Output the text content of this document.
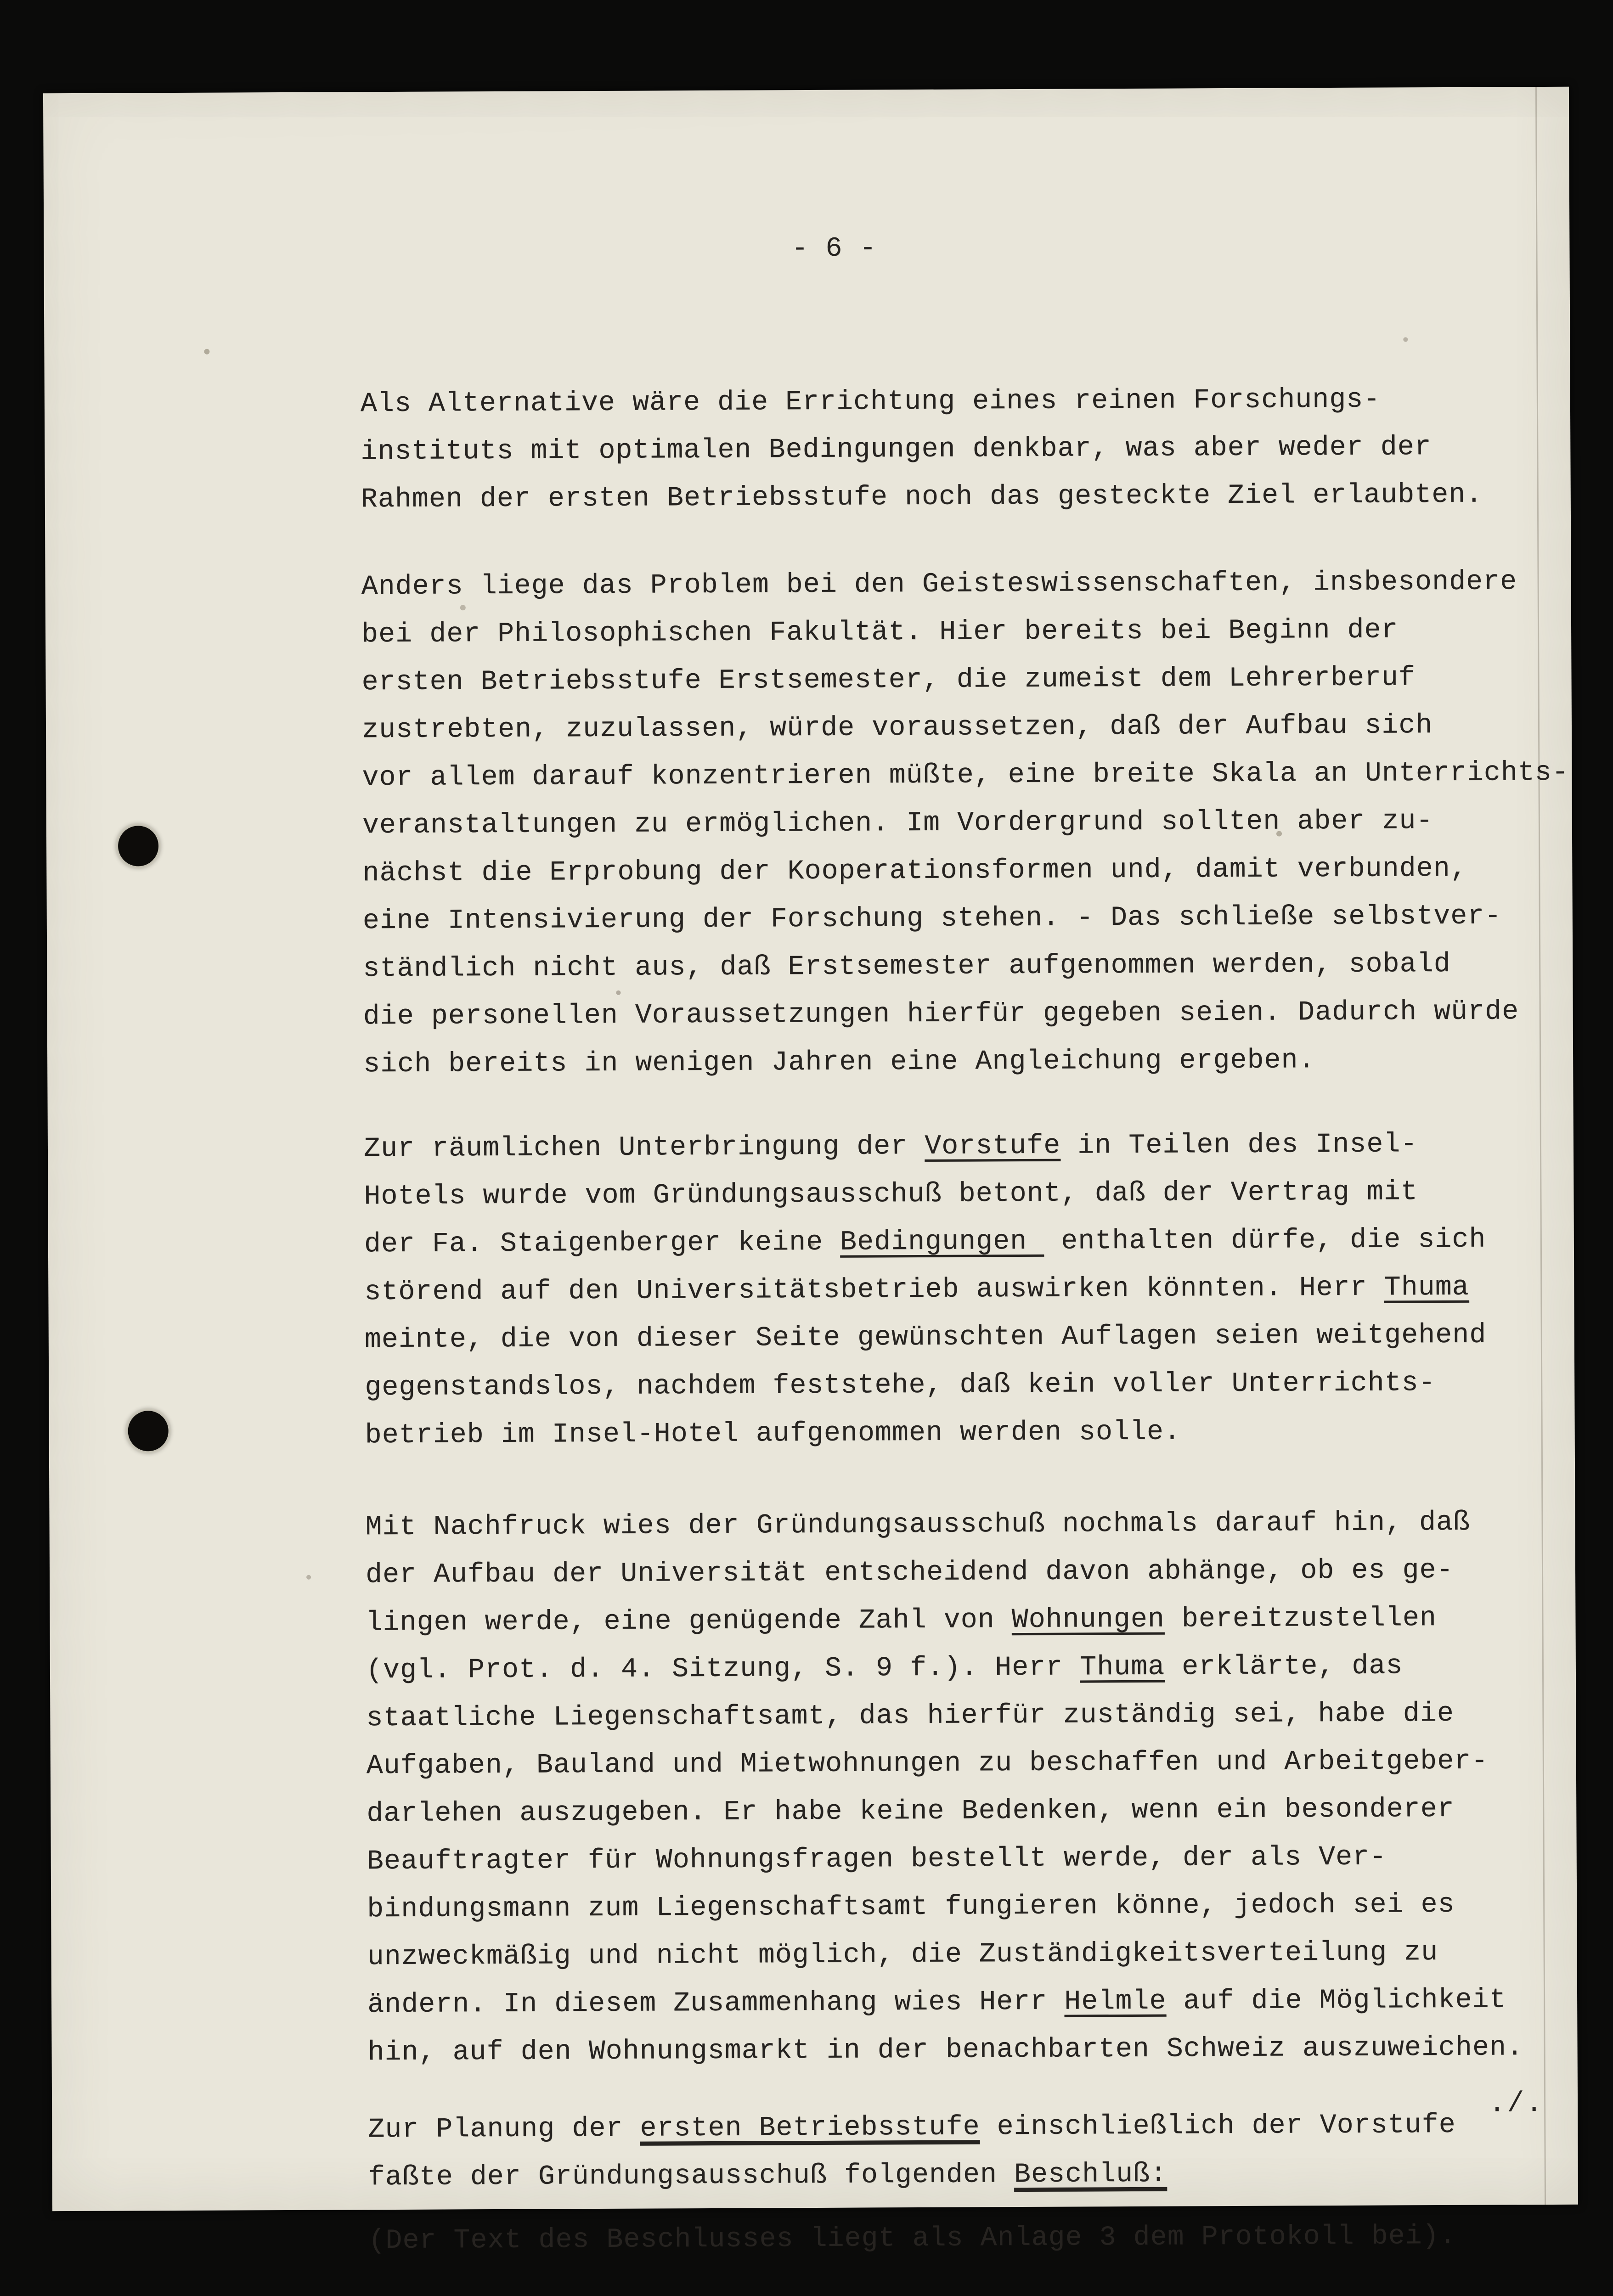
- 6 -

Als Alternative wäre die Errichtung eines reinen Forschungs-
instituts mit optimalen Bedingungen denkbar, was aber weder der
Rahmen der ersten Betriebsstufe noch das gesteckte Ziel erlaubten.
Anders liege das Problem bei den Geisteswissenschaften, insbesondere
bei der Philosophischen Fakultät. Hier bereits bei Beginn der
ersten Betriebsstufe Erstsemester, die zumeist dem Lehrerberuf
zustrebten, zuzulassen, würde voraussetzen, daß der Aufbau sich
vor allem darauf konzentrieren müßte, eine breite Skala an Unterrichts-
veranstaltungen zu ermöglichen. Im Vordergrund sollten aber zu-
nächst die Erprobung der Kooperationsformen und, damit verbunden,
eine Intensivierung der Forschung stehen. - Das schließe selbstver-
ständlich nicht aus, daß Erstsemester aufgenommen werden, sobald
die personellen Voraussetzungen hierfür gegeben seien. Dadurch würde
sich bereits in wenigen Jahren eine Angleichung ergeben.
Zur räumlichen Unterbringung der Vorstufe in Teilen des Insel-
Hotels wurde vom Gründungsausschuß betont, daß der Vertrag mit
der Fa. Staigenberger keine Bedingungen  enthalten dürfe, die sich
störend auf den Universitätsbetrieb auswirken könnten. Herr Thuma
meinte, die von dieser Seite gewünschten Auflagen seien weitgehend
gegenstandslos, nachdem feststehe, daß kein voller Unterrichts-
betrieb im Insel-Hotel aufgenommen werden solle.
Mit Nachfruck wies der Gründungsausschuß nochmals darauf hin, daß
der Aufbau der Universität entscheidend davon abhänge, ob es ge-
lingen werde, eine genügende Zahl von Wohnungen bereitzustellen
(vgl. Prot. d. 4. Sitzung, S. 9 f.). Herr Thuma erklärte, das
staatliche Liegenschaftsamt, das hierfür zuständig sei, habe die
Aufgaben, Bauland und Mietwohnungen zu beschaffen und Arbeitgeber-
darlehen auszugeben. Er habe keine Bedenken, wenn ein besonderer
Beauftragter für Wohnungsfragen bestellt werde, der als Ver-
bindungsmann zum Liegenschaftsamt fungieren könne, jedoch sei es
unzweckmäßig und nicht möglich, die Zuständigkeitsverteilung zu
ändern. In diesem Zusammenhang wies Herr Helmle auf die Möglichkeit
hin, auf den Wohnungsmarkt in der benachbarten Schweiz auszuweichen.
Zur Planung der ersten Betriebsstufe einschließlich der Vorstufe
faßte der Gründungsausschuß folgenden Beschluß:
(Der Text des Beschlusses liegt als Anlage 3 dem Protokoll bei).

./.
